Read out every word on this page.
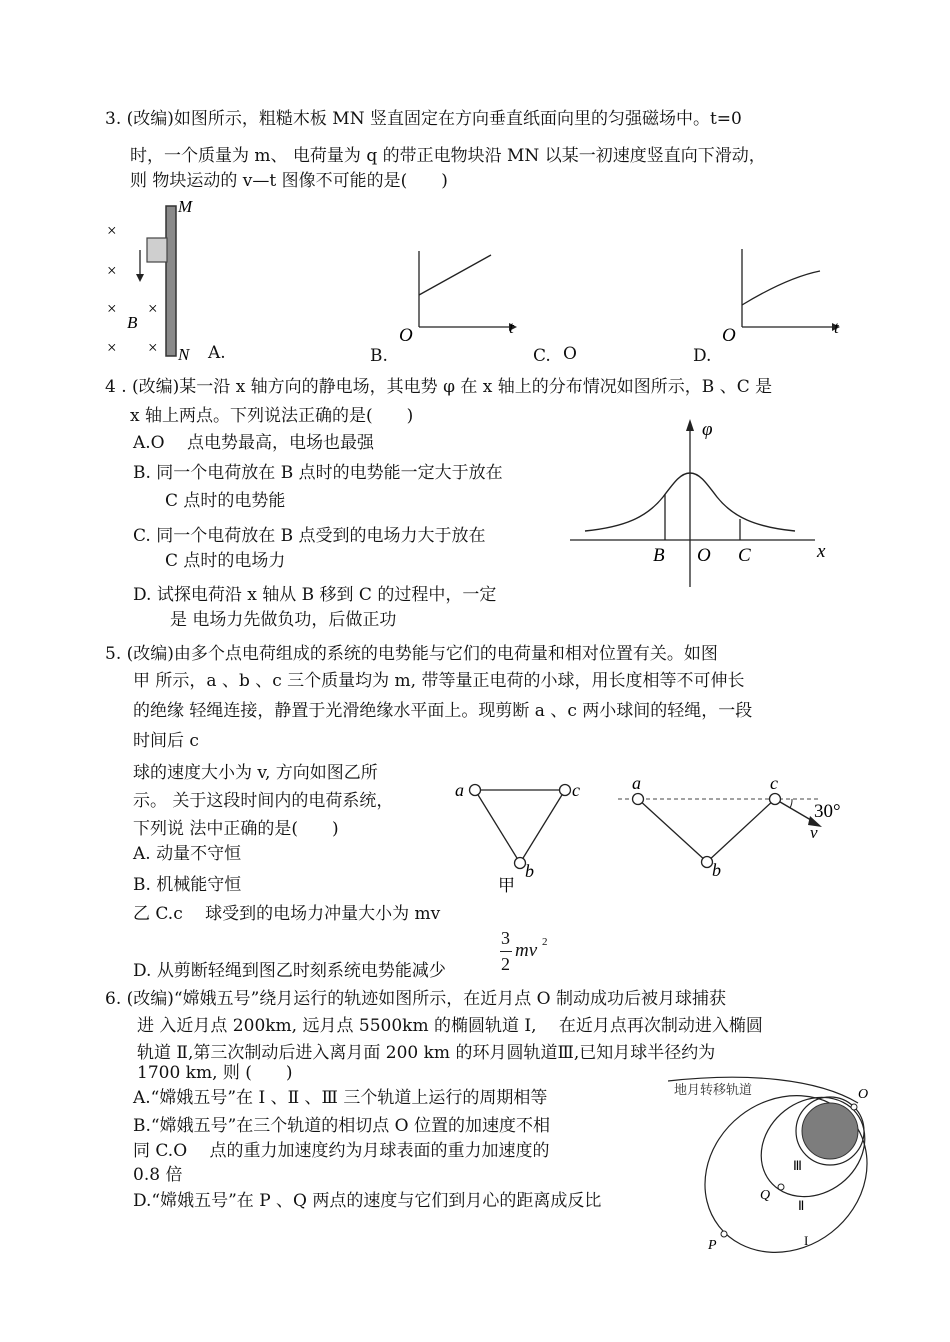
3. (改编)如图所示，粗糙木板 MN 竖直固定在方向垂直纸面向里的匀强磁场中。t=0
时，一个质量为 m、 电荷量为 q 的带正电物块沿 MN 以某一初速度竖直向下滑动，
则 物块运动的 v—t 图像不可能的是(　　)
M
N
B
×
×
×
×
×
×
O	t	O	t
A.	B.	C. O	D.
4 . (改编)某一沿 x 轴方向的静电场，其电势 φ 在 x 轴上的分布情况如图所示，B 、C 是
x 轴上两点。下列说法正确的是(　　)
A.O 　点电势最高，电场也最强
B. 同一个电荷放在 B 点时的电势能一定大于放在
C 点时的电势能
C. 同一个电荷放在 B 点受到的电场力大于放在
C 点时的电场力
D. 试探电荷沿 x 轴从 B 移到 C 的过程中，一定
是 电场力先做负功，后做正功
φ
B O C	x
5. (改编)由多个点电荷组成的系统的电势能与它们的电荷量和相对位置有关。如图
甲 所示，a 、b 、c 三个质量均为 m, 带等量正电荷的小球，用长度相等不可伸长
的绝缘 轻绳连接，静置于光滑绝缘水平面上。现剪断 a 、c 两小球间的轻绳，一段
时间后 c
球的速度大小为 v, 方向如图乙所
示。 关于这段时间内的电荷系统，
下列说 法中正确的是(　　)
A. 动量不守恒
B. 机械能守恒
乙 C.c 　球受到的电场力冲量大小为 mv
a	c
b
甲
a	c
b
30°
v
3
2
mv 2
D. 从剪断轻绳到图乙时刻系统电势能减少
6. (改编)“嫦娥五号”绕月运行的轨迹如图所示，在近月点 O 制动成功后被月球捕获
进 入近月点 200km, 远月点 5500km 的椭圆轨道 I, 　在近月点再次制动进入椭圆
轨道 Ⅱ,第三次制动后进入离月面 200 km 的环月圆轨道Ⅲ,已知月球半径约为
1700 km, 则 (　　)
A.“嫦娥五号”在 I 、Ⅱ 、Ⅲ 三个轨道上运行的周期相等
B.“嫦娥五号”在三个轨道的相切点 O 位置的加速度不相
同 C.O 　点的重力加速度约为月球表面的重力加速度的
0.8 倍
D.“嫦娥五号”在 P 、Q 两点的速度与它们到月心的距离成反比
地月转移轨道	O
Ⅲ
Q
Ⅱ
P	I
